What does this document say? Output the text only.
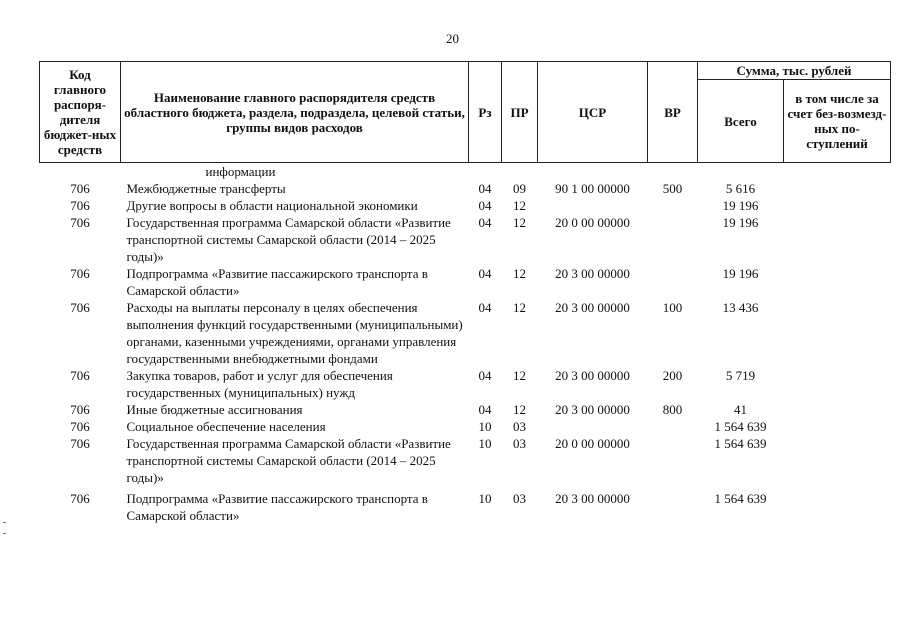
20
Код главного распоря-дителя бюджет-ных средств	Наименование главного распорядителя средств областного бюджета, раздела, подраздела, целевой статьи, группы видов расходов	Рз	ПР	ЦСР	ВР	Сумма, тыс. рублей	
						Всего	в том числе за счет без-возмезд-ных по-ступлений
	информации						
706	Межбюджетные трансферты	04	09	90 1 00 00000	500	5 616	
706	Другие вопросы в области национальной экономики	04	12			19 196	
706	Государственная программа Самарской области «Развитие транспортной системы Самарской области (2014 – 2025 годы)»	04	12	20 0 00 00000		19 196	
706	Подпрограмма «Развитие пассажирского транспорта в Самарской области»	04	12	20 3 00 00000		19 196	
706	Расходы на выплаты персоналу в целях обеспечения выполнения функций государственными (муниципальными) органами, казенными учреждениями, органами управления государственными внебюджетными фондами	04	12	20 3 00 00000	100	13 436	
706	Закупка товаров, работ и услуг для обеспечения государственных (муниципальных) нужд	04	12	20 3 00 00000	200	5 719	
706	Иные бюджетные ассигнования	04	12	20 3 00 00000	800	41	
706	Социальное обеспечение населения	10	03			1 564 639	
706	Государственная программа Самарской области «Развитие транспортной системы Самарской области (2014 – 2025 годы)»	10	03	20 0 00 00000		1 564 639	
706	Подпрограмма «Развитие пассажирского транспорта в Самарской области»	10	03	20 3 00 00000		1 564 639	
